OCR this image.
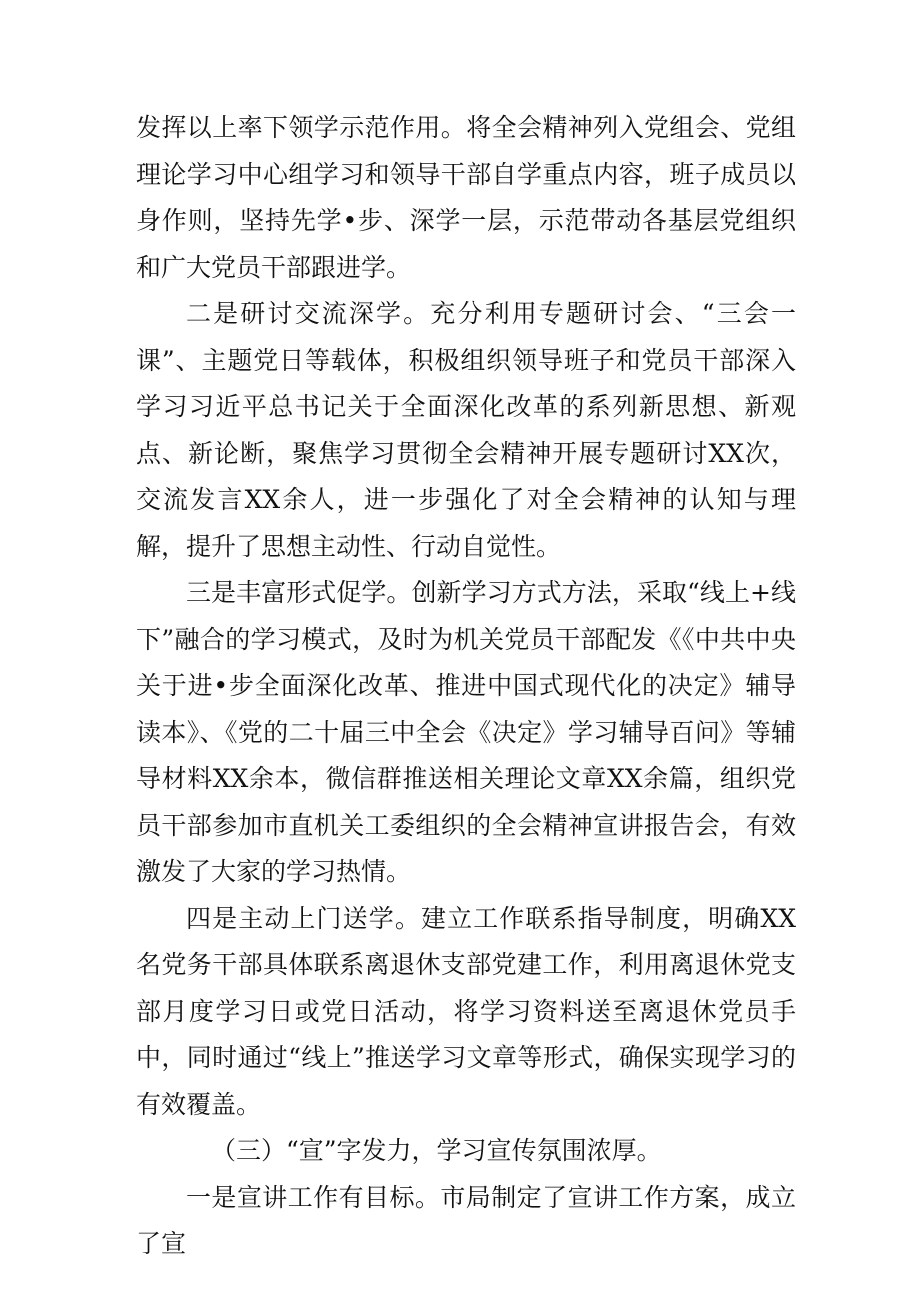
发挥以上率下领学示范作用。将全会精神列入党组会、党组理论学习中心组学习和领导干部自学重点内容，班子成员以身作则，坚持先学•步、深学一层，示范带动各基层党组织和广大党员干部跟进学。

二是研讨交流深学。充分利用专题研讨会、“三会一课”、主题党日等载体，积极组织领导班子和党员干部深入学习习近平总书记关于全面深化改革的系列新思想、新观点、新论断，聚焦学习贯彻全会精神开展专题研讨XX次，交流发言XX余人，进一步强化了对全会精神的认知与理解，提升了思想主动性、行动自觉性。

三是丰富形式促学。创新学习方式方法，采取“线上+线下”融合的学习模式，及时为机关党员干部配发《《中共中央关于进•步全面深化改革、推进中国式现代化的决定》辅导读本》、《党的二十届三中全会《决定》学习辅导百问》等辅导材料XX余本，微信群推送相关理论文章XX余篇，组织党员干部参加市直机关工委组织的全会精神宣讲报告会，有效激发了大家的学习热情。

四是主动上门送学。建立工作联系指导制度，明确XX名党务干部具体联系离退休支部党建工作，利用离退休党支部月度学习日或党日活动，将学习资料送至离退休党员手中，同时通过“线上”推送学习文章等形式，确保实现学习的有效覆盖。

（三）“宣”字发力，学习宣传氛围浓厚。

一是宣讲工作有目标。市局制定了宣讲工作方案，成立了宣
